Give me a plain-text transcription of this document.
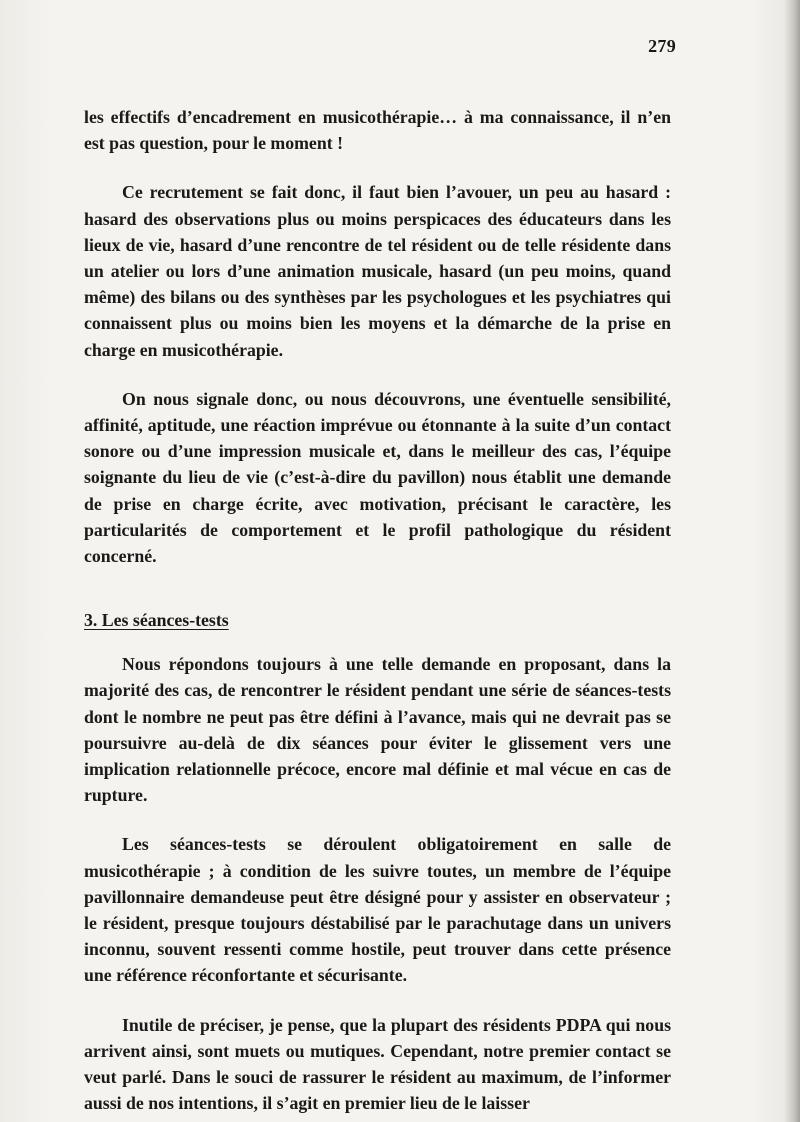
279

les effectifs d’encadrement en musicothérapie… à ma connaissance, il n’en est pas question, pour le moment !

Ce recrutement se fait donc, il faut bien l’avouer, un peu au hasard : hasard des observations plus ou moins perspicaces des éducateurs dans les lieux de vie, hasard d’une rencontre de tel résident ou de telle résidente dans un atelier ou lors d’une animation musicale, hasard (un peu moins, quand même) des bilans ou des synthèses par les psychologues et les psychiatres qui connaissent plus ou moins bien les moyens et la démarche de la prise en charge en musicothérapie.

On nous signale donc, ou nous découvrons, une éventuelle sensibilité, affinité, aptitude, une réaction imprévue ou étonnante à la suite d’un contact sonore ou d’une impression musicale et, dans le meilleur des cas, l’équipe soignante du lieu de vie (c’est-à-dire du pavillon) nous établit une demande de prise en charge écrite, avec motivation, précisant le caractère, les particularités de comportement et le profil pathologique du résident concerné.

3. Les séances-tests

Nous répondons toujours à une telle demande en proposant, dans la majorité des cas, de rencontrer le résident pendant une série de séances-tests dont le nombre ne peut pas être défini à l’avance, mais qui ne devrait pas se poursuivre au-delà de dix séances pour éviter le glissement vers une implication relationnelle précoce, encore mal définie et mal vécue en cas de rupture.

Les séances-tests se déroulent obligatoirement en salle de musicothérapie ; à condition de les suivre toutes, un membre de l’équipe pavillonnaire demandeuse peut être désigné pour y assister en observateur ; le résident, presque toujours déstabilisé par le parachutage dans un univers inconnu, souvent ressenti comme hostile, peut trouver dans cette présence une référence réconfortante et sécurisante.

Inutile de préciser, je pense, que la plupart des résidents PDPA qui nous arrivent ainsi, sont muets ou mutiques. Cependant, notre premier contact se veut parlé. Dans le souci de rassurer le résident au maximum, de l’informer aussi de nos intentions, il s’agit en premier lieu de le laisser
